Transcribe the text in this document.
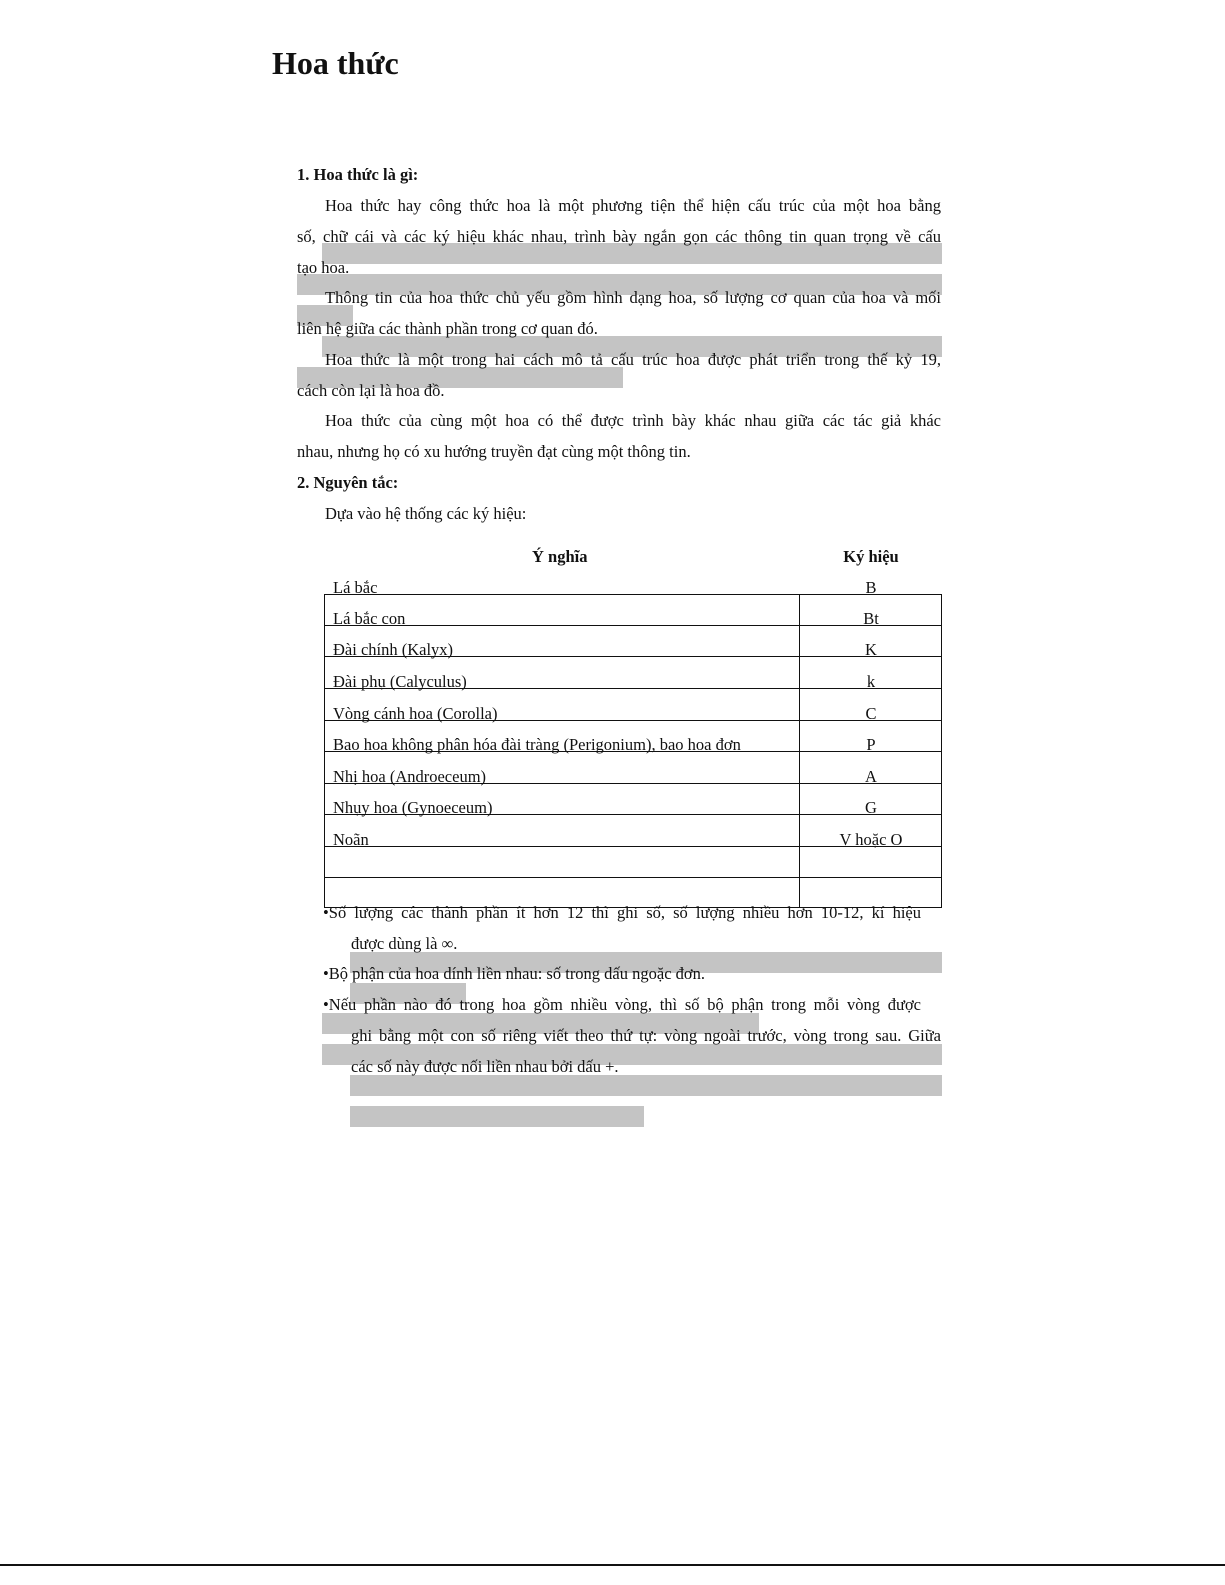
Hoa thức
1. Hoa thức là gì:
Hoa thức hay công thức hoa là một phương tiện thể hiện cấu trúc của một hoa bằng
số, chữ cái và các ký hiệu khác nhau, trình bày ngắn gọn các thông tin quan trọng về cấu
tạo hoa.
Thông tin của hoa thức chủ yếu gồm hình dạng hoa, số lượng cơ quan của hoa và mối
liên hệ giữa các thành phần trong cơ quan đó.
Hoa thức là một trong hai cách mô tả cấu trúc hoa được phát triển trong thế kỷ 19,
cách còn lại là hoa đồ.
Hoa thức của cùng một hoa có thể được trình bày khác nhau giữa các tác giả khác
nhau, nhưng họ có xu hướng truyền đạt cùng một thông tin.
2. Nguyên tắc:
Dựa vào hệ thống các ký hiệu:
Ý nghĩa	Ký hiệu
Lá bắc	B
Lá bắc con	Bt
Đài chính (Kalyx)	K
Đài phụ (Calyculus)	k
Vòng cánh hoa (Corolla)	C
Bao hoa không phân hóa đài tràng (Perigonium), bao hoa đơn	P
Nhị hoa (Androeceum)	A
Nhụy hoa (Gynoeceum)	G
Noãn	V hoặc O
•Số lượng các thành phần ít hơn 12 thì ghi số, số lượng nhiều hơn 10-12, kí hiệu
được dùng là ∞.
•Bộ phận của hoa dính liền nhau: số trong dấu ngoặc đơn.
•Nếu phần nào đó trong hoa gồm nhiều vòng, thì số bộ phận trong mỗi vòng được
ghi bằng một con số riêng viết theo thứ tự: vòng ngoài trước, vòng trong sau. Giữa
các số này được nối liền nhau bởi dấu +.
